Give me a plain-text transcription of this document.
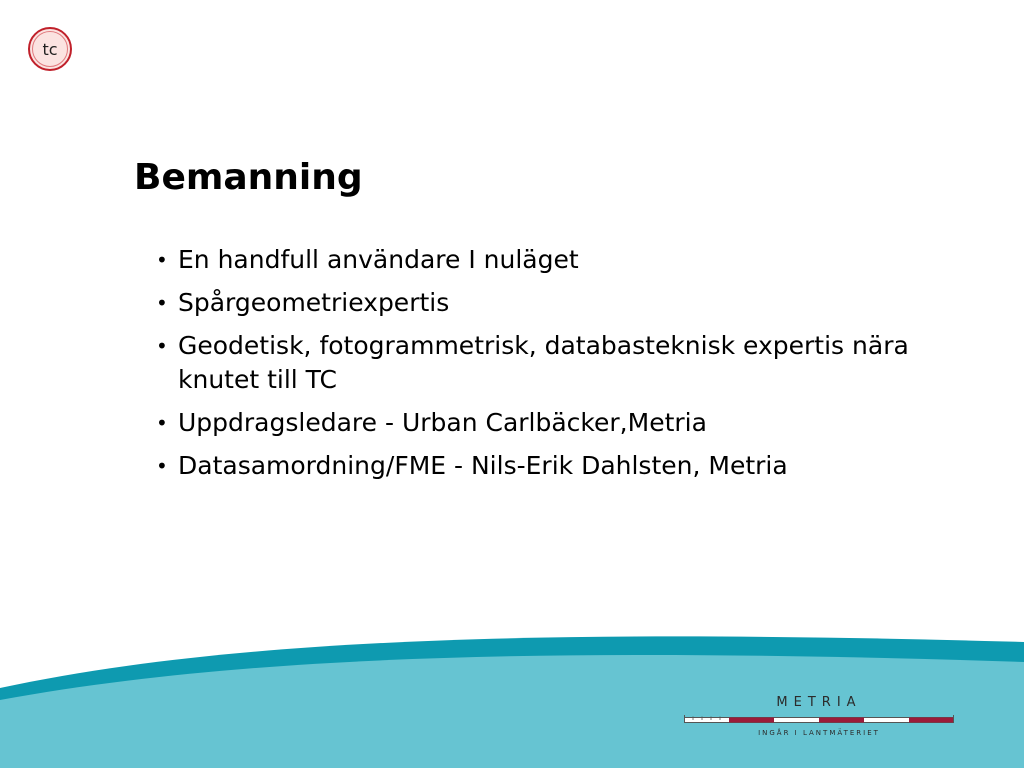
tc
Bemanning
• En handfull användare I nuläget
• Spårgeometriexpertis
• Geodetisk, fotogrammetrisk, databasteknisk expertis nära knutet till TC
• Uppdragsledare - Urban Carlbäcker,Metria
• Datasamordning/FME - Nils-Erik Dahlsten, Metria
METRIA
INGÅR I LANTMÄTERIET
